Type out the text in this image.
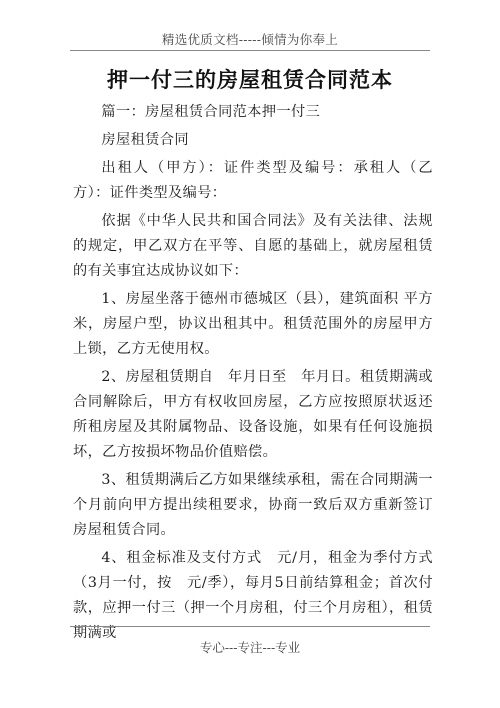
精选优质文档-----倾情为你奉上
押一付三的房屋租赁合同范本

篇一：房屋租赁合同范本押一付三

房屋租赁合同

出租人（甲方）：证件类型及编号：承租人（乙方）：证件类型及编号：

依据《中华人民共和国合同法》及有关法律、法规的规定，甲乙双方在平等、自愿的基础上，就房屋租赁的有关事宜达成协议如下：

1、房屋坐落于德州市德城区（县），建筑面积 平方米，房屋户型，协议出租其中。租赁范围外的房屋甲方上锁，乙方无使用权。

2、房屋租赁期自　年月日至　年月日。租赁期满或合同解除后，甲方有权收回房屋，乙方应按照原状返还所租房屋及其附属物品、设备设施，如果有任何设施损坏，乙方按损坏物品价值赔偿。

3、租赁期满后乙方如果继续承租，需在合同期满一个月前向甲方提出续租要求，协商一致后双方重新签订房屋租赁合同。

4、租金标准及支付方式　元/月，租金为季付方式（3月一付，按　元/季），每月5日前结算租金；首次付款，应押一付三（押一个月房租，付三个月房租），租赁期满或

专心---专注---专业
